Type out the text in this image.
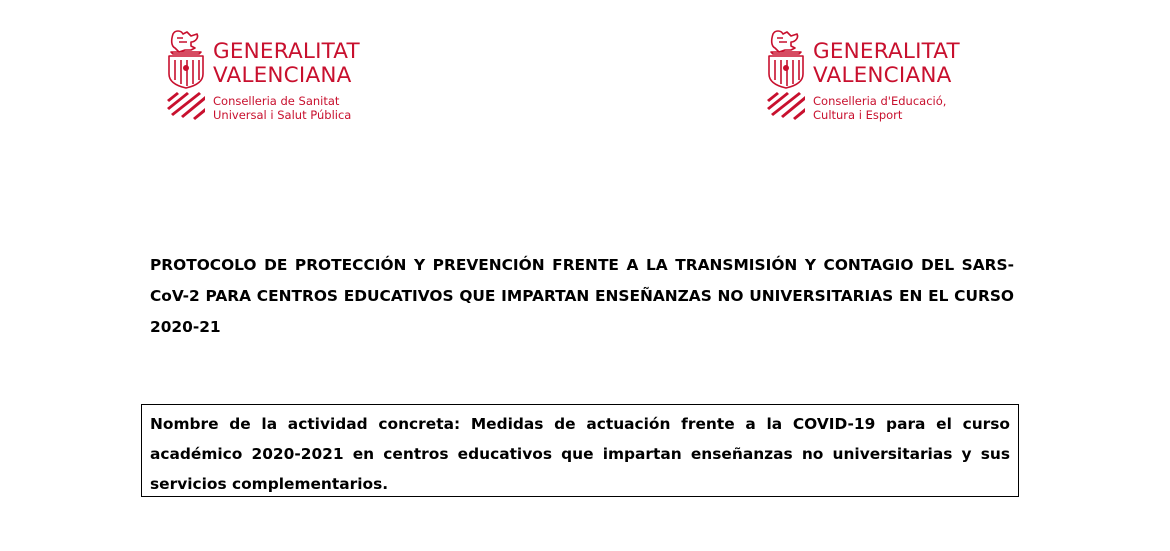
GENERALITAT
VALENCIANA
Conselleria de Sanitat
Universal i Salut Pública
GENERALITAT
VALENCIANA
Conselleria d'Educació,
Cultura i Esport

PROTOCOLO DE PROTECCIÓN Y PREVENCIÓN FRENTE A LA TRANSMISIÓN Y CONTAGIO DEL SARS-CoV-2 PARA CENTROS EDUCATIVOS QUE IMPARTAN ENSEÑANZAS NO UNIVERSITARIAS EN EL CURSO 2020-21

Nombre de la actividad concreta: Medidas de actuación frente a la COVID-19 para el curso académico 2020-2021 en centros educativos que impartan enseñanzas no universitarias y sus servicios complementarios.
